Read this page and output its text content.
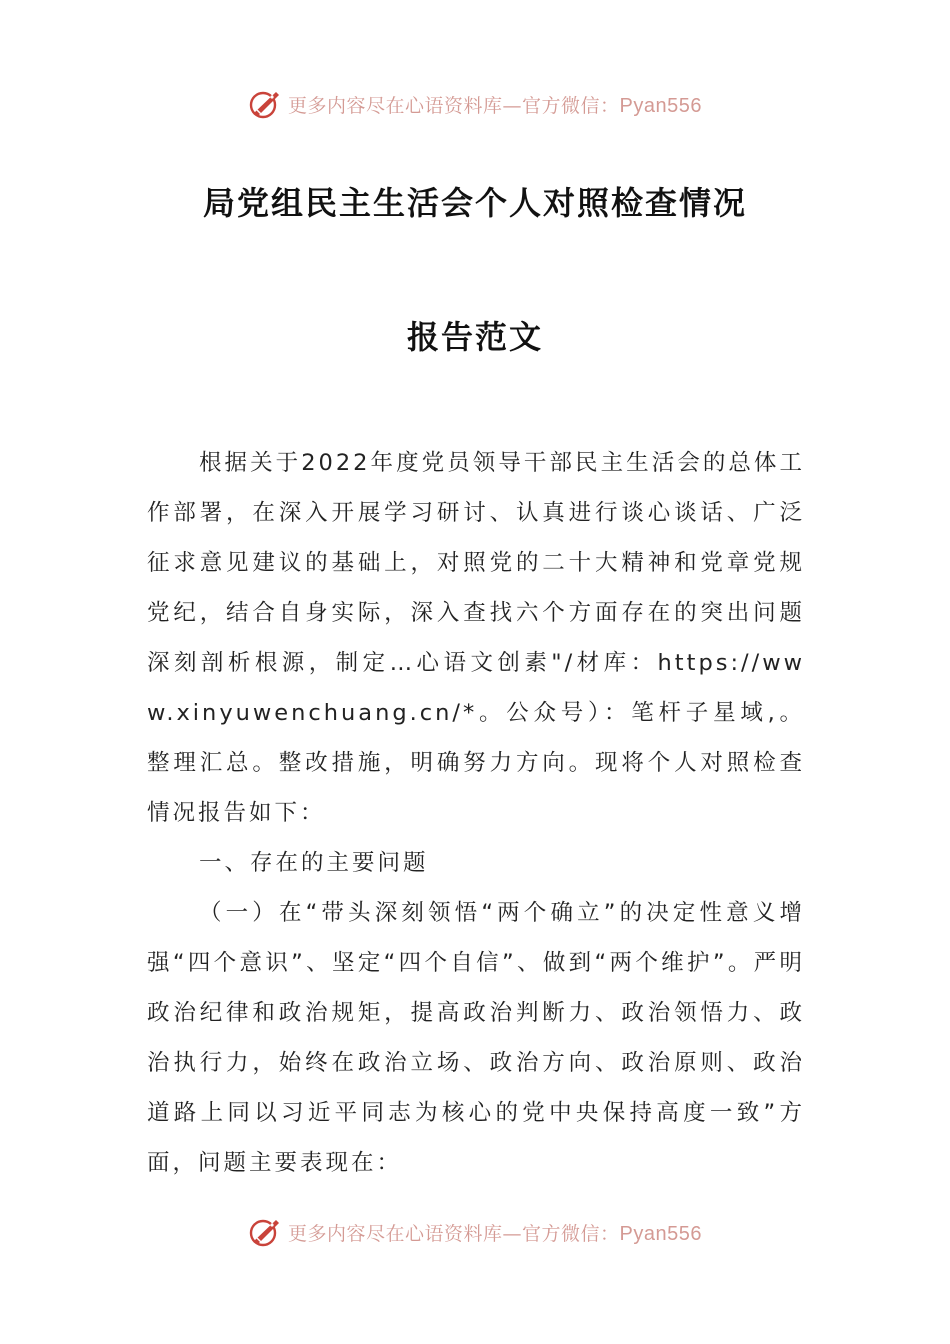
更多内容尽在心语资料库—官方微信：Pyan556
局党组民主生活会个人对照检查情况
报告范文

根据关于2022年度党员领导干部民主生活会的总体工作部署，在深入开展学习研讨、认真进行谈心谈话、广泛征求意见建议的基础上，对照党的二十大精神和党章党规党纪，结合自身实际，深入查找六个方面存在的突出问题深刻剖析根源，制定…心语文创素"/材库：https://www.xinyuwenchuang.cn/*。公众号）：笔杆子星域,。整理汇总。整改措施，明确努力方向。现将个人对照检查情况报告如下：

一、存在的主要问题

（一）在“带头深刻领悟“两个确立”的决定性意义增强“四个意识”、坚定“四个自信”、做到“两个维护”。严明政治纪律和政治规矩，提高政治判断力、政治领悟力、政治执行力，始终在政治立场、政治方向、政治原则、政治道路上同以习近平同志为核心的党中央保持高度一致”方面，问题主要表现在：

更多内容尽在心语资料库—官方微信：Pyan556
